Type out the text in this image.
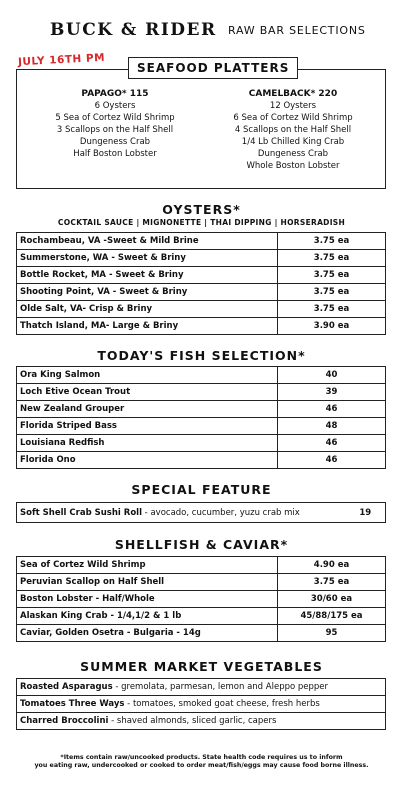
BUCK & RIDER RAW BAR SELECTIONS
JULY 16TH PM
PAPAGO* 115
6 Oysters
5 Sea of Cortez Wild Shrimp
3 Scallops on the Half Shell
Dungeness Crab
Half Boston Lobster
CAMELBACK* 220
12 Oysters
6 Sea of Cortez Wild Shrimp
4 Scallops on the Half Shell
1/4 Lb Chilled King Crab
Dungeness Crab
Whole Boston Lobster
SEAFOOD PLATTERS
OYSTERS*
COCKTAIL SAUCE | MIGNONETTE | THAI DIPPING | HORSERADISH
Rochambeau, VA -Sweet & Mild Brine	3.75 ea
Summerstone, WA - Sweet & Briny	3.75 ea
Bottle Rocket, MA - Sweet & Briny	3.75 ea
Shooting Point, VA - Sweet & Briny	3.75 ea
Olde Salt, VA- Crisp & Briny	3.75 ea
Thatch Island, MA- Large & Briny	3.90 ea
TODAY'S FISH SELECTION*
Ora King Salmon	40
Loch Etive Ocean Trout	39
New Zealand Grouper	46
Florida Striped Bass	48
Louisiana Redfish	46
Florida Ono	46
SPECIAL FEATURE
Soft Shell Crab Sushi Roll - avocado, cucumber, yuzu crab mix	19
SHELLFISH & CAVIAR*
Sea of Cortez Wild Shrimp	4.90 ea
Peruvian Scallop on Half Shell	3.75 ea
Boston Lobster - Half/Whole	30/60 ea
Alaskan King Crab - 1/4,1/2 & 1 lb	45/88/175 ea
Caviar, Golden Osetra - Bulgaria - 14g	95
SUMMER MARKET VEGETABLES
Roasted Asparagus - gremolata, parmesan, lemon and Aleppo pepper
Tomatoes Three Ways - tomatoes, smoked goat cheese, fresh herbs
Charred Broccolini - shaved almonds, sliced garlic, capers
*Items contain raw/uncooked products. State health code requires us to inform
you eating raw, undercooked or cooked to order meat/fish/eggs may cause food borne illness.
